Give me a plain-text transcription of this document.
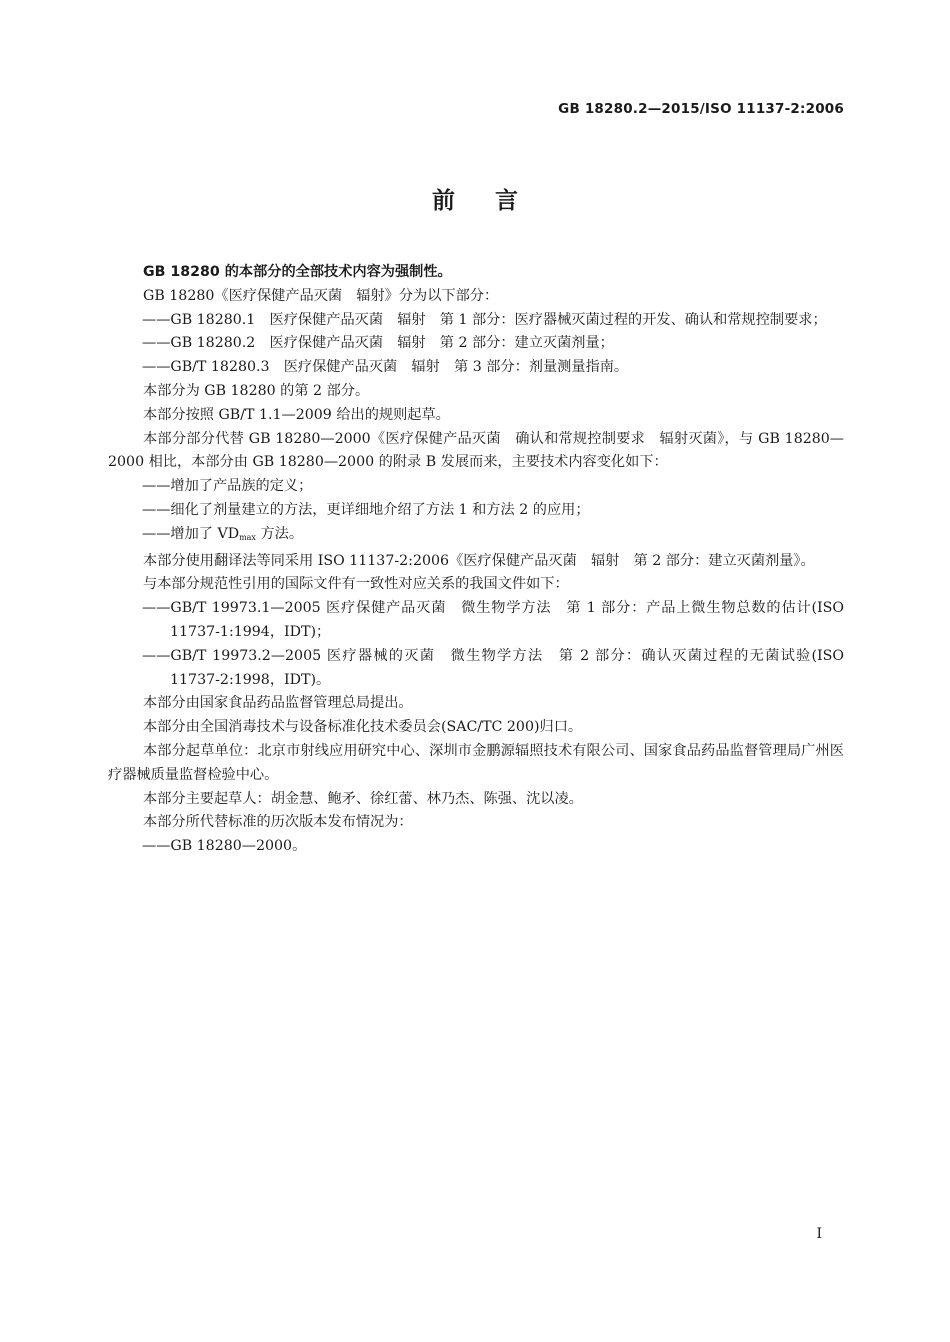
GB 18280.2—2015/ISO 11137-2:2006
前言

GB 18280 的本部分的全部技术内容为强制性。

GB 18280《医疗保健产品灭菌　辐射》分为以下部分：

——GB 18280.1　医疗保健产品灭菌　辐射　第 1 部分：医疗器械灭菌过程的开发、确认和常规控制要求；

——GB 18280.2　医疗保健产品灭菌　辐射　第 2 部分：建立灭菌剂量；

——GB/T 18280.3　医疗保健产品灭菌　辐射　第 3 部分：剂量测量指南。

本部分为 GB 18280 的第 2 部分。

本部分按照 GB/T 1.1—2009 给出的规则起草。

本部分部分代替 GB 18280—2000《医疗保健产品灭菌　确认和常规控制要求　辐射灭菌》，与 GB 18280—2000 相比，本部分由 GB 18280—2000 的附录 B 发展而来，主要技术内容变化如下：

——增加了产品族的定义；

——细化了剂量建立的方法，更详细地介绍了方法 1 和方法 2 的应用；

——增加了 $VD_{max}$ 方法。

本部分使用翻译法等同采用 ISO 11137-2:2006《医疗保健产品灭菌　辐射　第 2 部分：建立灭菌剂量》。

与本部分规范性引用的国际文件有一致性对应关系的我国文件如下：

——GB/T 19973.1—2005 医疗保健产品灭菌　微生物学方法　第 1 部分：产品上微生物总数的估计(ISO 11737-1:1994，IDT)；

——GB/T 19973.2—2005 医疗器械的灭菌　微生物学方法　第 2 部分：确认灭菌过程的无菌试验(ISO 11737-2:1998，IDT)。

本部分由国家食品药品监督管理总局提出。

本部分由全国消毒技术与设备标准化技术委员会(SAC/TC 200)归口。

本部分起草单位：北京市射线应用研究中心、深圳市金鹏源辐照技术有限公司、国家食品药品监督管理局广州医疗器械质量监督检验中心。

本部分主要起草人：胡金慧、鲍矛、徐红蕾、林乃杰、陈强、沈以凌。

本部分所代替标准的历次版本发布情况为：

——GB 18280—2000。

I
